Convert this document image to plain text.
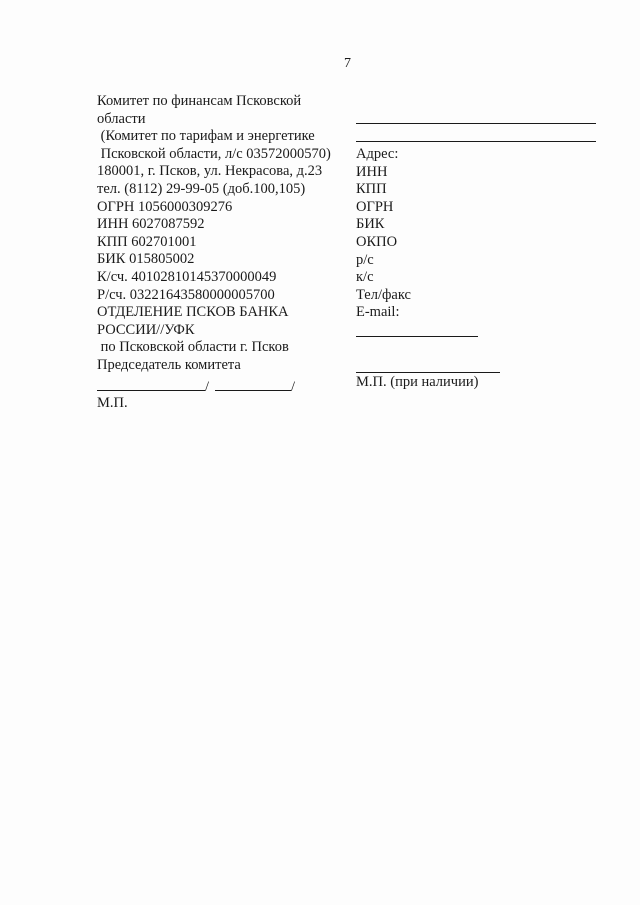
7
Комитет по финансам Псковской
области
(Комитет по тарифам и энергетике
Псковской области, л/с 03572000570)
180001, г. Псков, ул. Некрасова, д.23
тел. (8112) 29-99-05 (доб.100,105)
ОГРН 1056000309276
ИНН 6027087592
КПП 602701001
БИК 015805002
К/сч. 40102810145370000049
Р/сч. 03221643580000005700
ОТДЕЛЕНИЕ ПСКОВ БАНКА
РОССИИ//УФК
по Псковской области г. Псков
Председатель комитета
/	/
М.П.
Адрес:
ИНН
КПП
ОГРН
БИК
ОКПО
р/с
к/с
Тел/факс
E-mail:
М.П. (при наличии)
